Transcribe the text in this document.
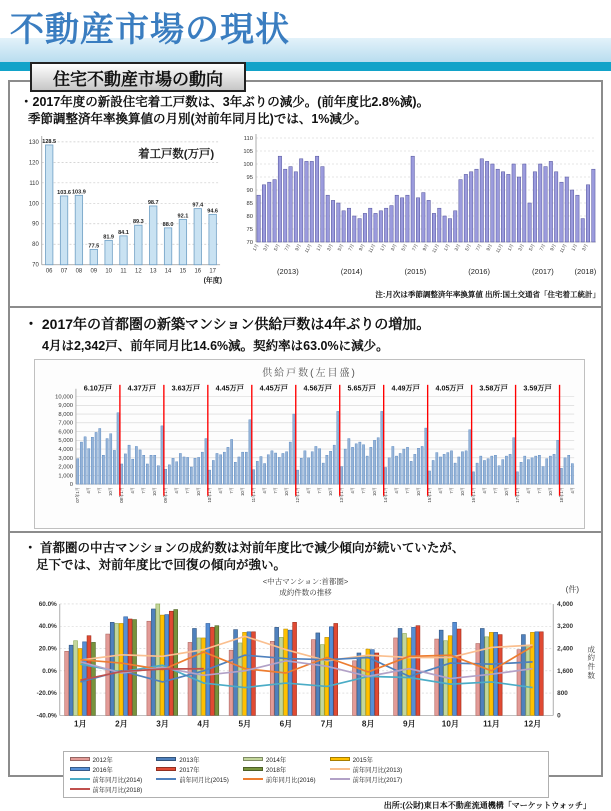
不動産市場の現状
住宅不動産市場の動向
・2017年度の新設住宅着工戸数は、3年ぶりの減少。(前年度比2.8%減)。
季節調整済年率換算値の月別(対前年同月比)では、1%減少。
70
80
90
100
110
120
130 128.5
06
103.6
07
103.9
08
77.5
09
81.9
10
84.1
11
89.3
12
98.7
13
88.0
14
92.1
15
97.4
16
94.6
17
着工戸数(万戸)
(年度)
70
75
80
85
90
95
100
105
110
1月 3月 5月 7月 9月 11月
(2013)
1月 3月 5月 7月 9月 11月
(2014)
1月 3月 5月 7月 9月 11月
(2015)
1月 3月 5月 7月 9月 11月
(2016)
1月 3月 5月 7月 9月 11月
(2017)
1月 3月
(2018)
注:月次は季節調整済年率換算値 出所:国土交通省「住宅着工統計」
・ 2017年の首都圏の新築マンション供給戸数は4年ぶりの増加。
4月は2,342戸、前年同月比14.6%減。契約率は63.0%に減少。
供給戸数(左目盛)
0
1,000
2,000
3,000
4,000
5,000
6,000
7,000
8,000
9,000
10,000
07年1月 4月 7月 10月 08年1月 4月 7月 10月 09年1月 4月 7月 10月 10年1月 4月 7月 10月 11年1月 4月 7月 10月 12年1月 4月 7月 10月 13年1月 4月 7月 10月 14年1月 4月 7月 10月 15年1月 4月 7月 10月 16年1月 4月 7月 10月 17年1月 4月 7月 10月 18年1月 4月
6.10万戸 4.37万戸 3.63万戸 4.45万戸 4.45万戸 4.56万戸 5.65万戸 4.49万戸 4.05万戸 3.58万戸 3.59万戸
・ 首都圏の中古マンションの成約数は対前年度比で減少傾向が続いていたが、
足下では、対前年度比で回復の傾向が強い。
<中古マンション:首都圏>
成約件数の推移	(件)
-40.0%
-20.0%
0.0%
20.0%
40.0%
60.0%
0
800
1,600
2,400
3,200
4,000
1月	2月	3月	4月	5月	6月	7月	8月	9月	10月	11月	12月
成
約
件
数
2012年
2016年
前年同月比(2014)
前年同月比(2018)
2013年
2017年
前年同月比(2015)
2014年
2018年
前年同月比(2016)
2015年
前年同月比(2013)
前年同月比(2017)
出所:(公財)東日本不動産流通機構「マーケットウォッチ」
